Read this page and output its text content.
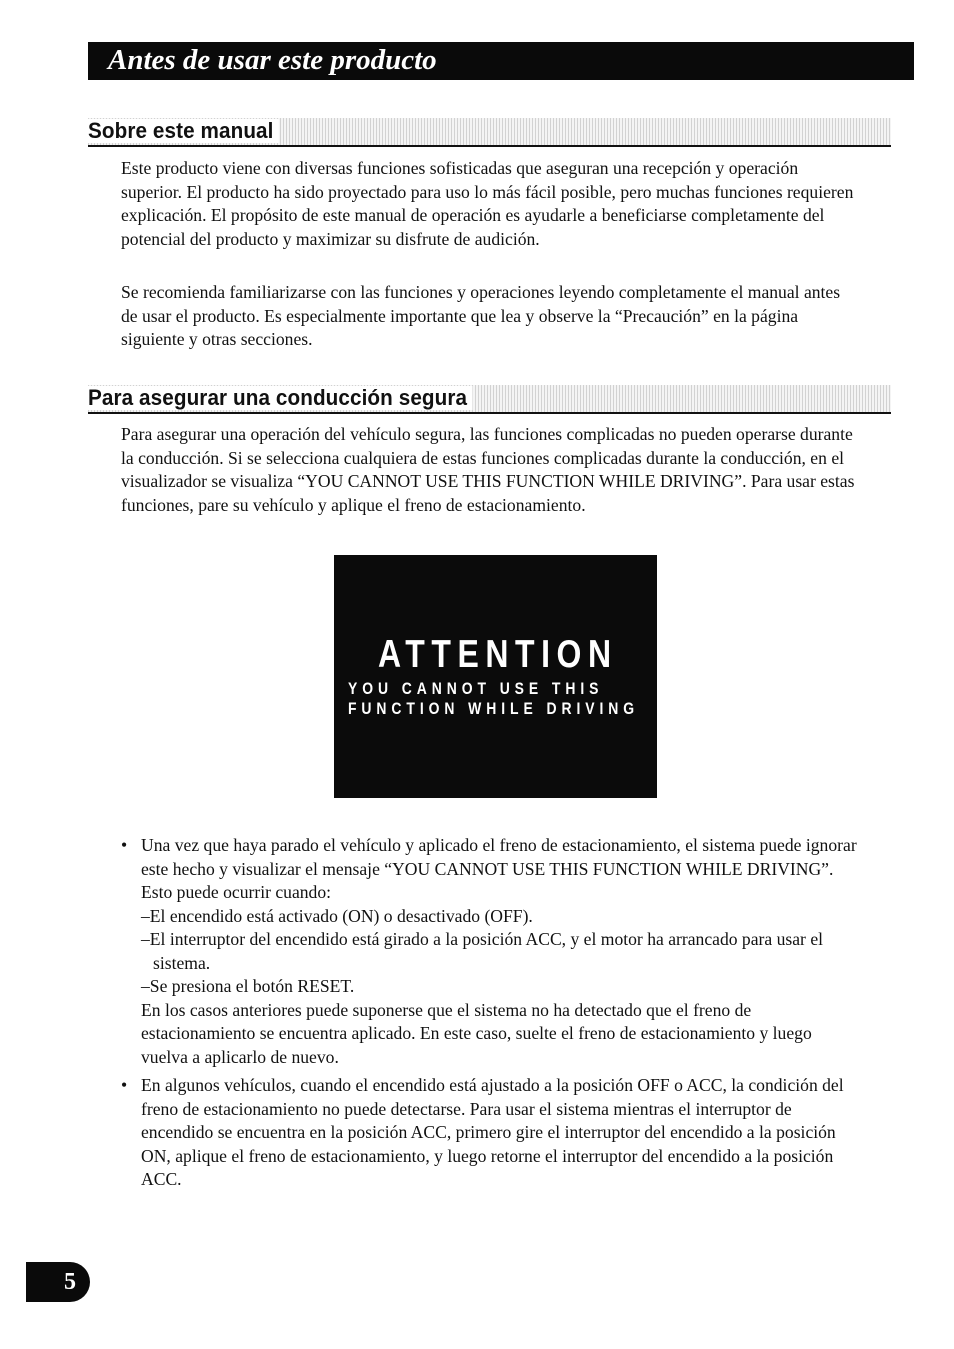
Antes de usar este producto
Sobre este manual

Este producto viene con diversas funciones sofisticadas que aseguran una recepción y operación superior. El producto ha sido proyectado para uso lo más fácil posible, pero muchas funciones requieren explicación. El propósito de este manual de operación es ayudarle a beneficiarse completamente del potencial del producto y maximizar su disfrute de audición.

Se recomienda familiarizarse con las funciones y operaciones leyendo completamente el manual antes de usar el producto. Es especialmente importante que lea y observe la “Precaución” en la página siguiente y otras secciones.

Para asegurar una conducción segura

Para asegurar una operación del vehículo segura, las funciones complicadas no pueden operarse durante la conducción. Si se selecciona cualquiera de estas funciones complicadas durante la conducción, en el visualizador se visualiza “YOU CANNOT USE THIS FUNCTION WHILE DRIVING”. Para usar estas funciones, pare su vehículo y aplique el freno de estacionamiento.

ATTENTION
YOU CANNOT USE THIS
FUNCTION WHILE DRIVING
• Una vez que haya parado el vehículo y aplicado el freno de estacionamiento, el sistema puede ignorar este hecho y visualizar el mensaje “YOU CANNOT USE THIS FUNCTION WHILE DRIVING”. Esto puede ocurrir cuando:
–El encendido está activado (ON) o desactivado (OFF).
–El interruptor del encendido está girado a la posición ACC, y el motor ha arrancado para usar el sistema.
–Se presiona el botón RESET.
En los casos anteriores puede suponerse que el sistema no ha detectado que el freno de estacionamiento se encuentra aplicado. En este caso, suelte el freno de estacionamiento y luego vuelva a aplicarlo de nuevo.
• En algunos vehículos, cuando el encendido está ajustado a la posición OFF o ACC, la condición del freno de estacionamiento no puede detectarse. Para usar el sistema mientras el interruptor de encendido se encuentra en la posición ACC, primero gire el interruptor del encendido a la posición ON, aplique el freno de estacionamiento, y luego retorne el interruptor del encendido a la posición ACC.
5
